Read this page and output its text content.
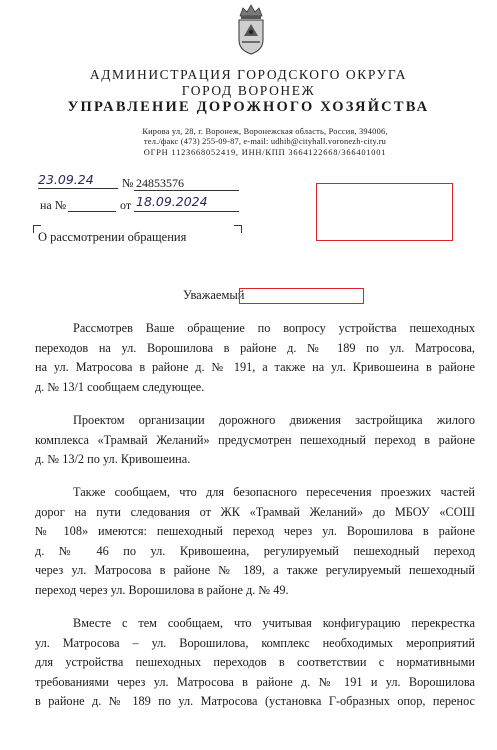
АДМИНИСТРАЦИЯ ГОРОДСКОГО ОКРУГА
ГОРОД ВОРОНЕЖ
УПРАВЛЕНИЕ ДОРОЖНОГО ХОЗЯЙСТВА
Кирова ул, 28, г. Воронеж, Воронежская область, Россия, 394006,
тел./факс (473) 255-09-87, e-mail: udhib@cityhall.voronezh-city.ru
ОГРН 1123668052419, ИНН/КПП 3664122668/366401001
23.09.24 № 24853576
на №	от 18.09.2024
О рассмотрении обращения
Уважаемый

Рассмотрев Ваше обращение по вопросу устройства пешеходных

переходов на ул. Ворошилова в районе д. № 189 по ул. Матросова,

на ул. Матросова в районе д. № 191, а также на ул. Кривошеина в районе

д. № 13/1 сообщаем следующее.

Проектом организации дорожного движения застройщика жилого

комплекса «Трамвай Желаний» предусмотрен пешеходный переход в районе

д. № 13/2 по ул. Кривошеина.

Также сообщаем, что для безопасного пересечения проезжих частей

дорог на пути следования от ЖК «Трамвай Желаний» до МБОУ «СОШ

№ 108» имеются: пешеходный переход через ул. Ворошилова в районе

д. № 46 по ул. Кривошеина, регулируемый пешеходный переход

через ул. Матросова в районе № 189, а также регулируемый пешеходный

переход через ул. Ворошилова в районе д. № 49.

Вместе с тем сообщаем, что учитывая конфигурацию перекрестка

ул. Матросова – ул. Ворошилова, комплекс необходимых мероприятий

для устройства пешеходных переходов в соответствии с нормативными

требованиями через ул. Матросова в районе д. № 191 и ул. Ворошилова

в районе д. № 189 по ул. Матросова (установка Г-образных опор, перенос
